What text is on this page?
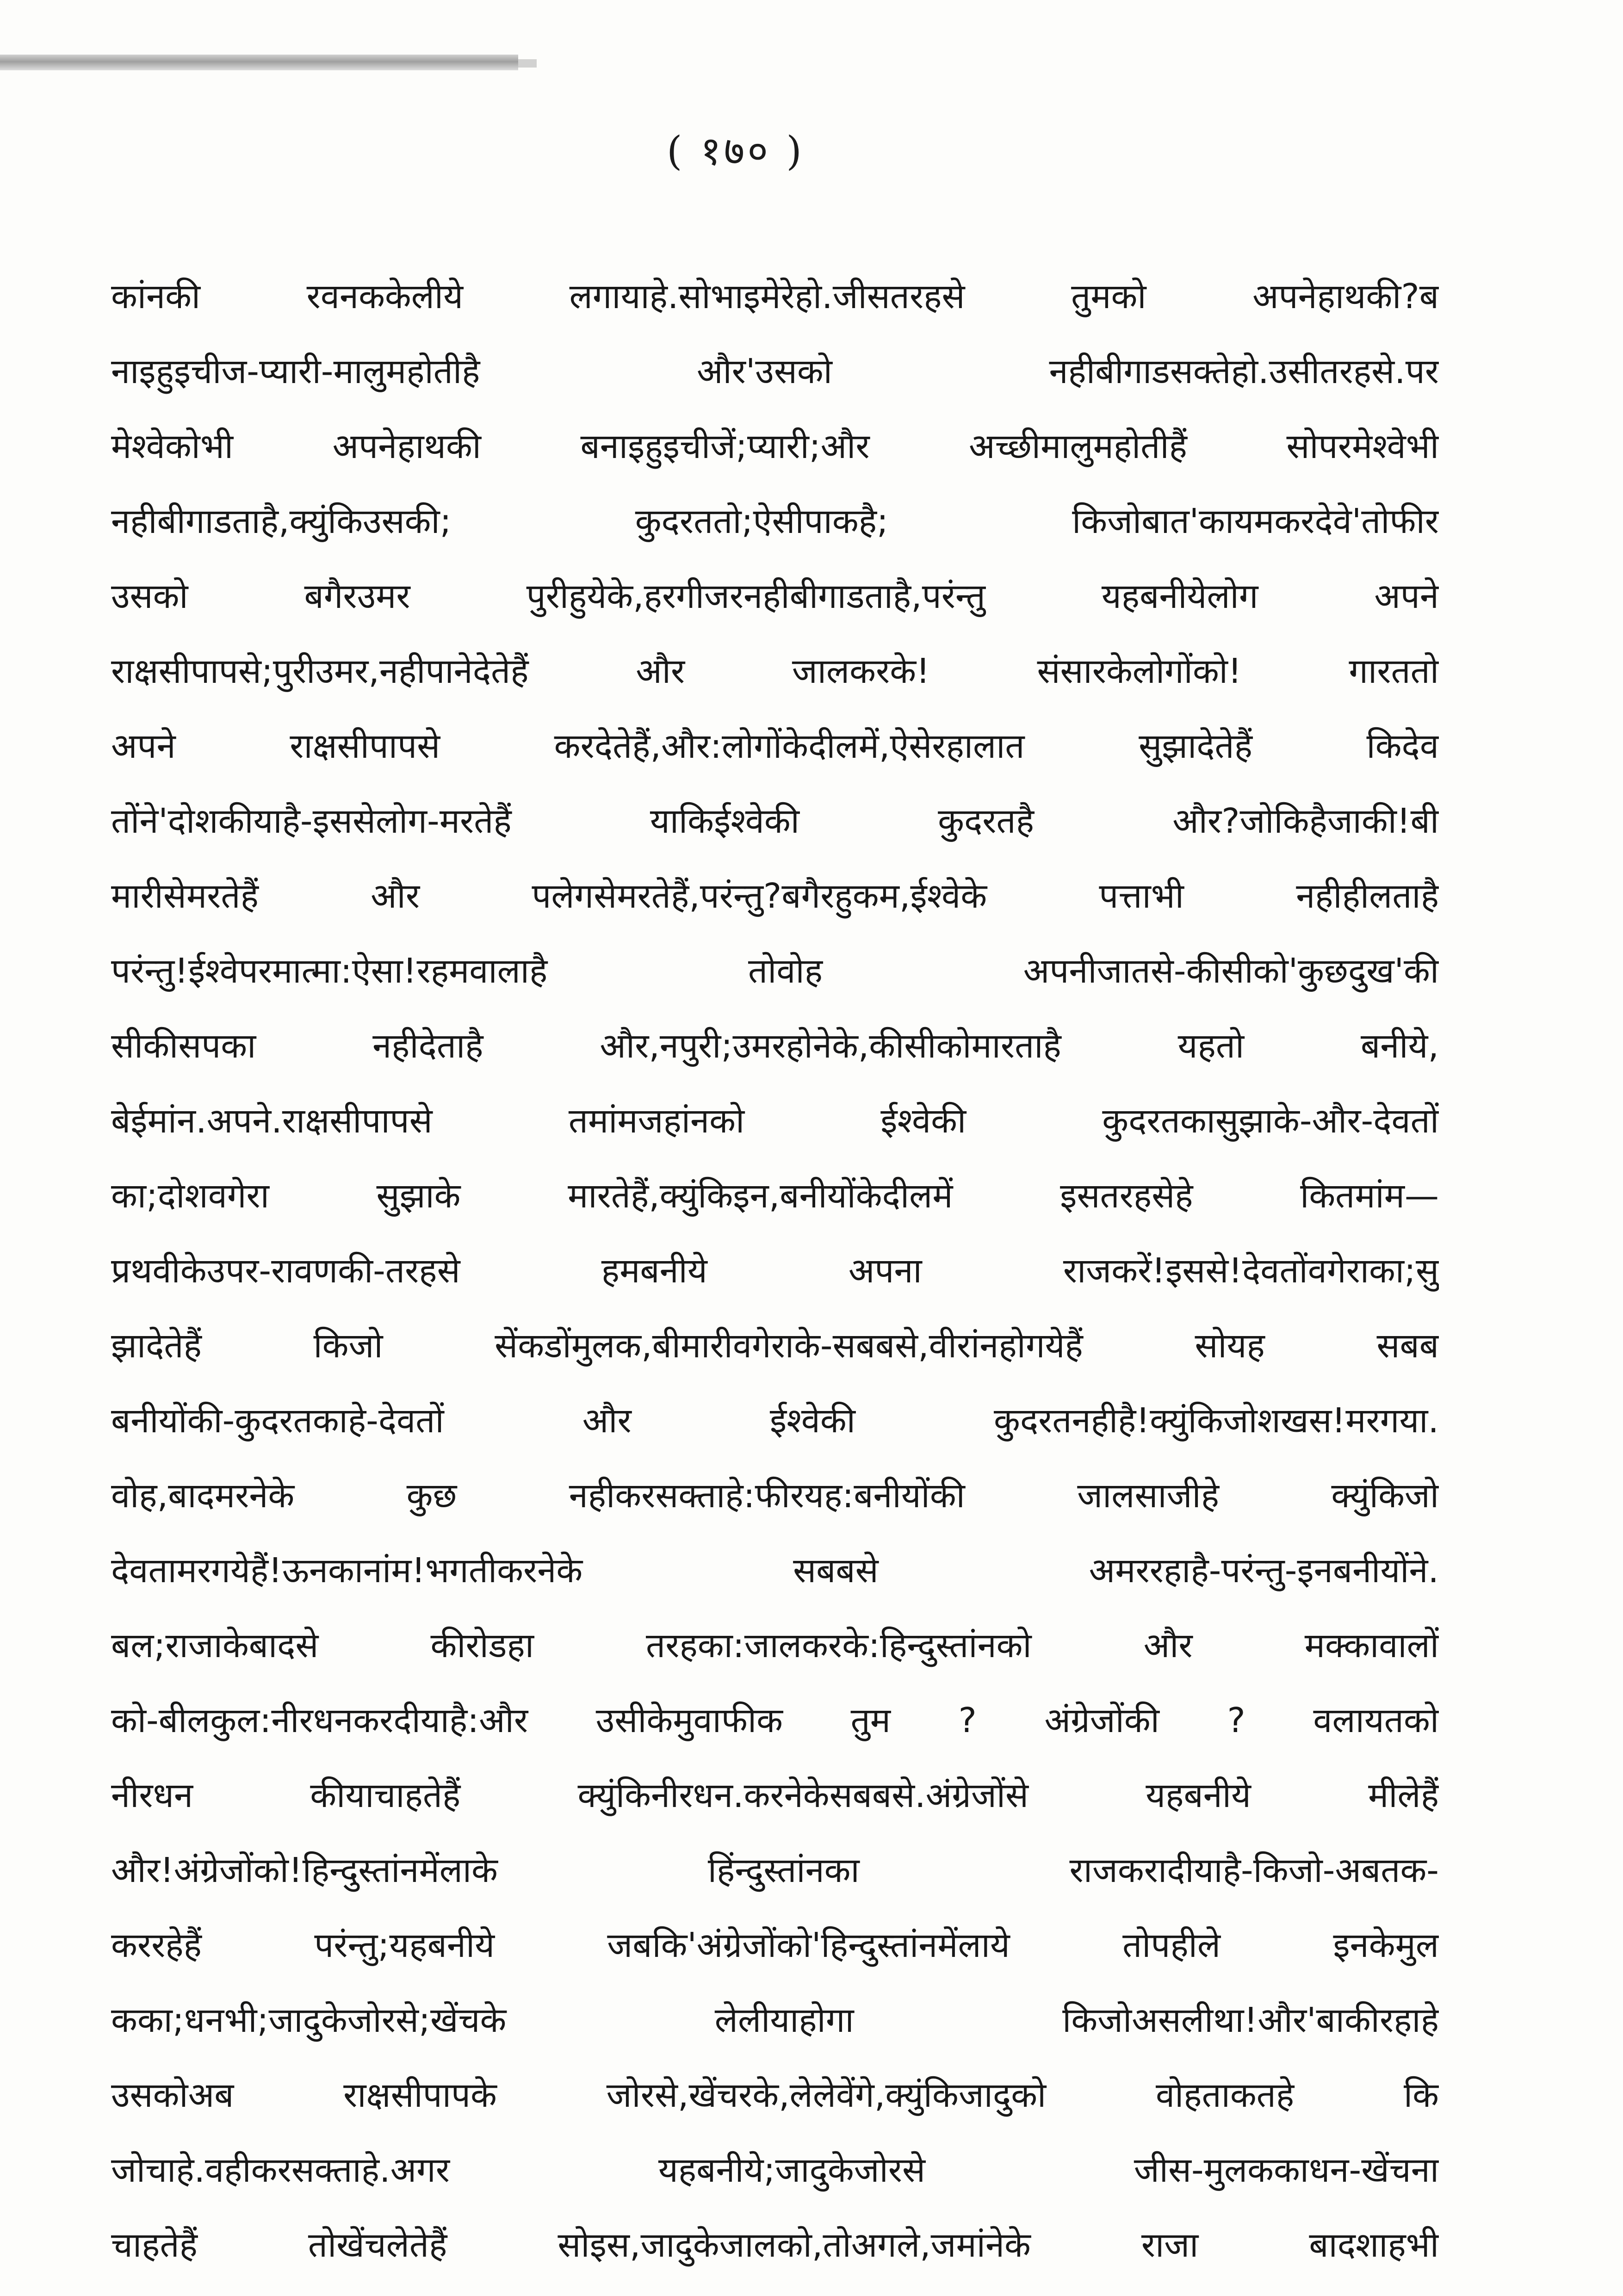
( १७० )

कांनकी रवनककेलीये लगायाहे.सोभाइमेरेहो.जीसतरहसे तुमको अपनेहाथकी?ब
नाइहुइचीज-प्यारी-मालुमहोतीहै और'उसको नहीबीगाडसक्तेहो.उसीतरहसे.पर
मेश्वेकोभी अपनेहाथकी बनाइहुइचीजें;प्यारी;और अच्छीमालुमहोतीहैं सोपरमेश्वेभी
नहीबीगाडताहै,क्युंकिउसकी; कुदरततो;ऐसीपाकहै; किजोबात'कायमकरदेवे'तोफीर
उसको बगैरउमर पुरीहुयेके,हरगीजरनहीबीगाडताहै,परंन्तु यहबनीयेलोग अपने
राक्षसीपापसे;पुरीउमर,नहीपानेदेतेहैं और जालकरके! संसारकेलोगोंको! गारततो
अपने राक्षसीपापसे करदेतेहैं,और:लोगोंकेदीलमें,ऐसेरहालात सुझादेतेहैं किदेव
तोंने'दोशकीयाहै-इससेलोग-मरतेहैं याकिईश्वेकी कुदरतहै और?जोकिहैजाकी!बी
मारीसेमरतेहैं और पलेगसेमरतेहैं,परंन्तु?बगैरहुकम,ईश्वेके पत्ताभी नहीहीलताहै
परंन्तु!ईश्वेपरमात्मा:ऐसा!रहमवालाहै तोवोह अपनीजातसे-कीसीको'कुछदुख'की
सीकीसपका नहीदेताहै और,नपुरी;उमरहोनेके,कीसीकोमारताहै यहतो बनीये,
बेईमांन.अपने.राक्षसीपापसे तमांमजहांनको ईश्वेकी कुदरतकासुझाके-और-देवतों
का;दोशवगेरा सुझाके मारतेहैं,क्युंकिइन,बनीयोंकेदीलमें इसतरहसेहे कितमांम—
प्रथवीकेउपर-रावणकी-तरहसे हमबनीये अपना राजकरें!इससे!देवतोंवगेराका;सु
झादेतेहैं किजो सेंकडोंमुलक,बीमारीवगेराके-सबबसे,वीरांनहोगयेहैं सोयह सबब
बनीयोंकी-कुदरतकाहे-देवतों और ईश्वेकी कुदरतनहीहै!क्युंकिजोशखस!मरगया.
वोह,बादमरनेके कुछ नहीकरसक्ताहे:फीरयह:बनीयोंकी जालसाजीहे क्युंकिजो
देवतामरगयेहैं!ऊनकानांम!भगतीकरनेके सबबसे अमररहाहै-परंन्तु-इनबनीयोंने.
बल;राजाकेबादसे कीरोडहा तरहका:जालकरके:हिन्दुस्तांनको और मक्कावालों
को-बीलकुल:नीरधनकरदीयाहै:और उसीकेमुवाफीक तुम ? अंग्रेजोंकी ? वलायतको
नीरधन कीयाचाहतेहैं क्युंकिनीरधन.करनेकेसबबसे.अंग्रेजोंसे यहबनीये मीलेहैं
और!अंग्रेजोंको!हिन्दुस्तांनमेंलाके हिंन्दुस्तांनका राजकरादीयाहै-किजो-अबतक-
कररहेहैं परंन्तु;यहबनीये जबकि'अंग्रेजोंको'हिन्दुस्तांनमेंलाये तोपहीले इनकेमुल
कका;धनभी;जादुकेजोरसे;खेंचके लेलीयाहोगा किजोअसलीथा!और'बाकीरहाहे
उसकोअब राक्षसीपापके जोरसे,खेंचरके,लेलेवेंगे,क्युंकिजादुको वोहताकतहे कि
जोचाहे.वहीकरसक्ताहे.अगर यहबनीये;जादुकेजोरसे जीस-मुलककाधन-खेंचना
चाहतेहैं तोखेंचलेतेहैं सोइस,जादुकेजालको,तोअगले,जमांनेके राजा बादशाहभी
